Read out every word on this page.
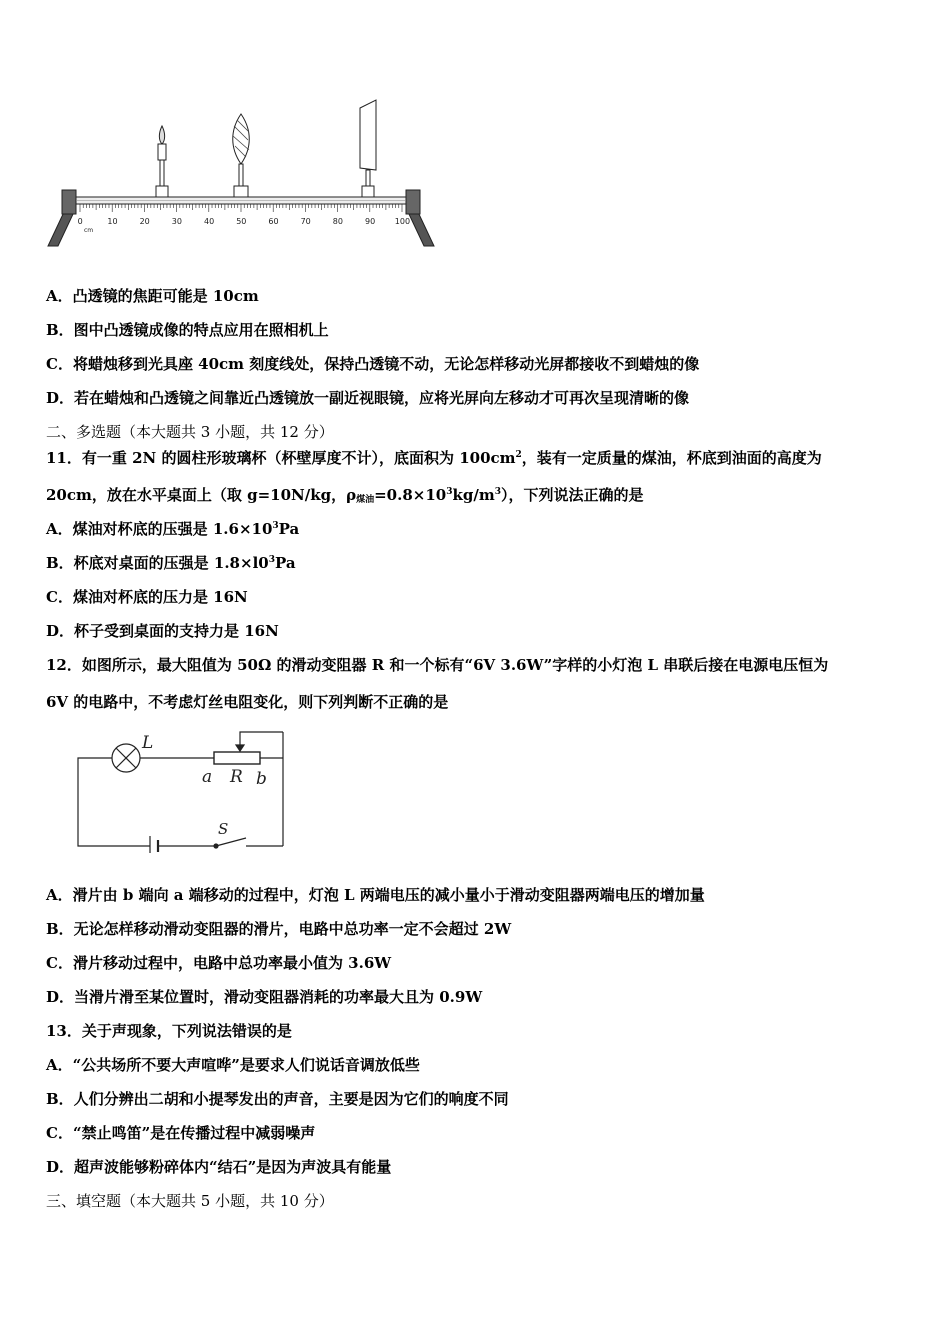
0	10	20	30	40	50	60	70	80	90 100
cm
A．凸透镜的焦距可能是 10cm
B．图中凸透镜成像的特点应用在照相机上
C．将蜡烛移到光具座 40cm 刻度线处，保持凸透镜不动，无论怎样移动光屏都接收不到蜡烛的像
D．若在蜡烛和凸透镜之间靠近凸透镜放一副近视眼镜，应将光屏向左移动才可再次呈现清晰的像
二、多选题（本大题共 3 小题，共 12 分）
11．有一重 2N 的圆柱形玻璃杯（杯壁厚度不计），底面积为 $100cm^2$，装有一定质量的煤油，杯底到油面的高度为
20cm，放在水平桌面上（取 g=10N/kg，$\rho_{煤油}=0.8\times 10^3kg/m^3$），下列说法正确的是
A．煤油对杯底的压强是 $1.6\times 10^3Pa$
B．杯底对桌面的压强是 $1.8\times l0^3Pa$
C．煤油对杯底的压力是 16N
D．杯子受到桌面的支持力是 16N
12．如图所示，最大阻值为 50Ω 的滑动变阻器 R 和一个标有“6V 3.6W”字样的小灯泡 L 串联后接在电源电压恒为
6V 的电路中，不考虑灯丝电阻变化，则下列判断不正确的是
L
a R b
S
A．滑片由 b 端向 a 端移动的过程中，灯泡 L 两端电压的减小量小于滑动变阻器两端电压的增加量
B．无论怎样移动滑动变阻器的滑片，电路中总功率一定不会超过 2W
C．滑片移动过程中，电路中总功率最小值为 3.6W
D．当滑片滑至某位置时，滑动变阻器消耗的功率最大且为 0.9W
13．关于声现象，下列说法错误的是
A．“公共场所不要大声喧哗”是要求人们说话音调放低些
B．人们分辨出二胡和小提琴发出的声音，主要是因为它们的响度不同
C．“禁止鸣笛”是在传播过程中减弱噪声
D．超声波能够粉碎体内“结石”是因为声波具有能量
三、填空题（本大题共 5 小题，共 10 分）
